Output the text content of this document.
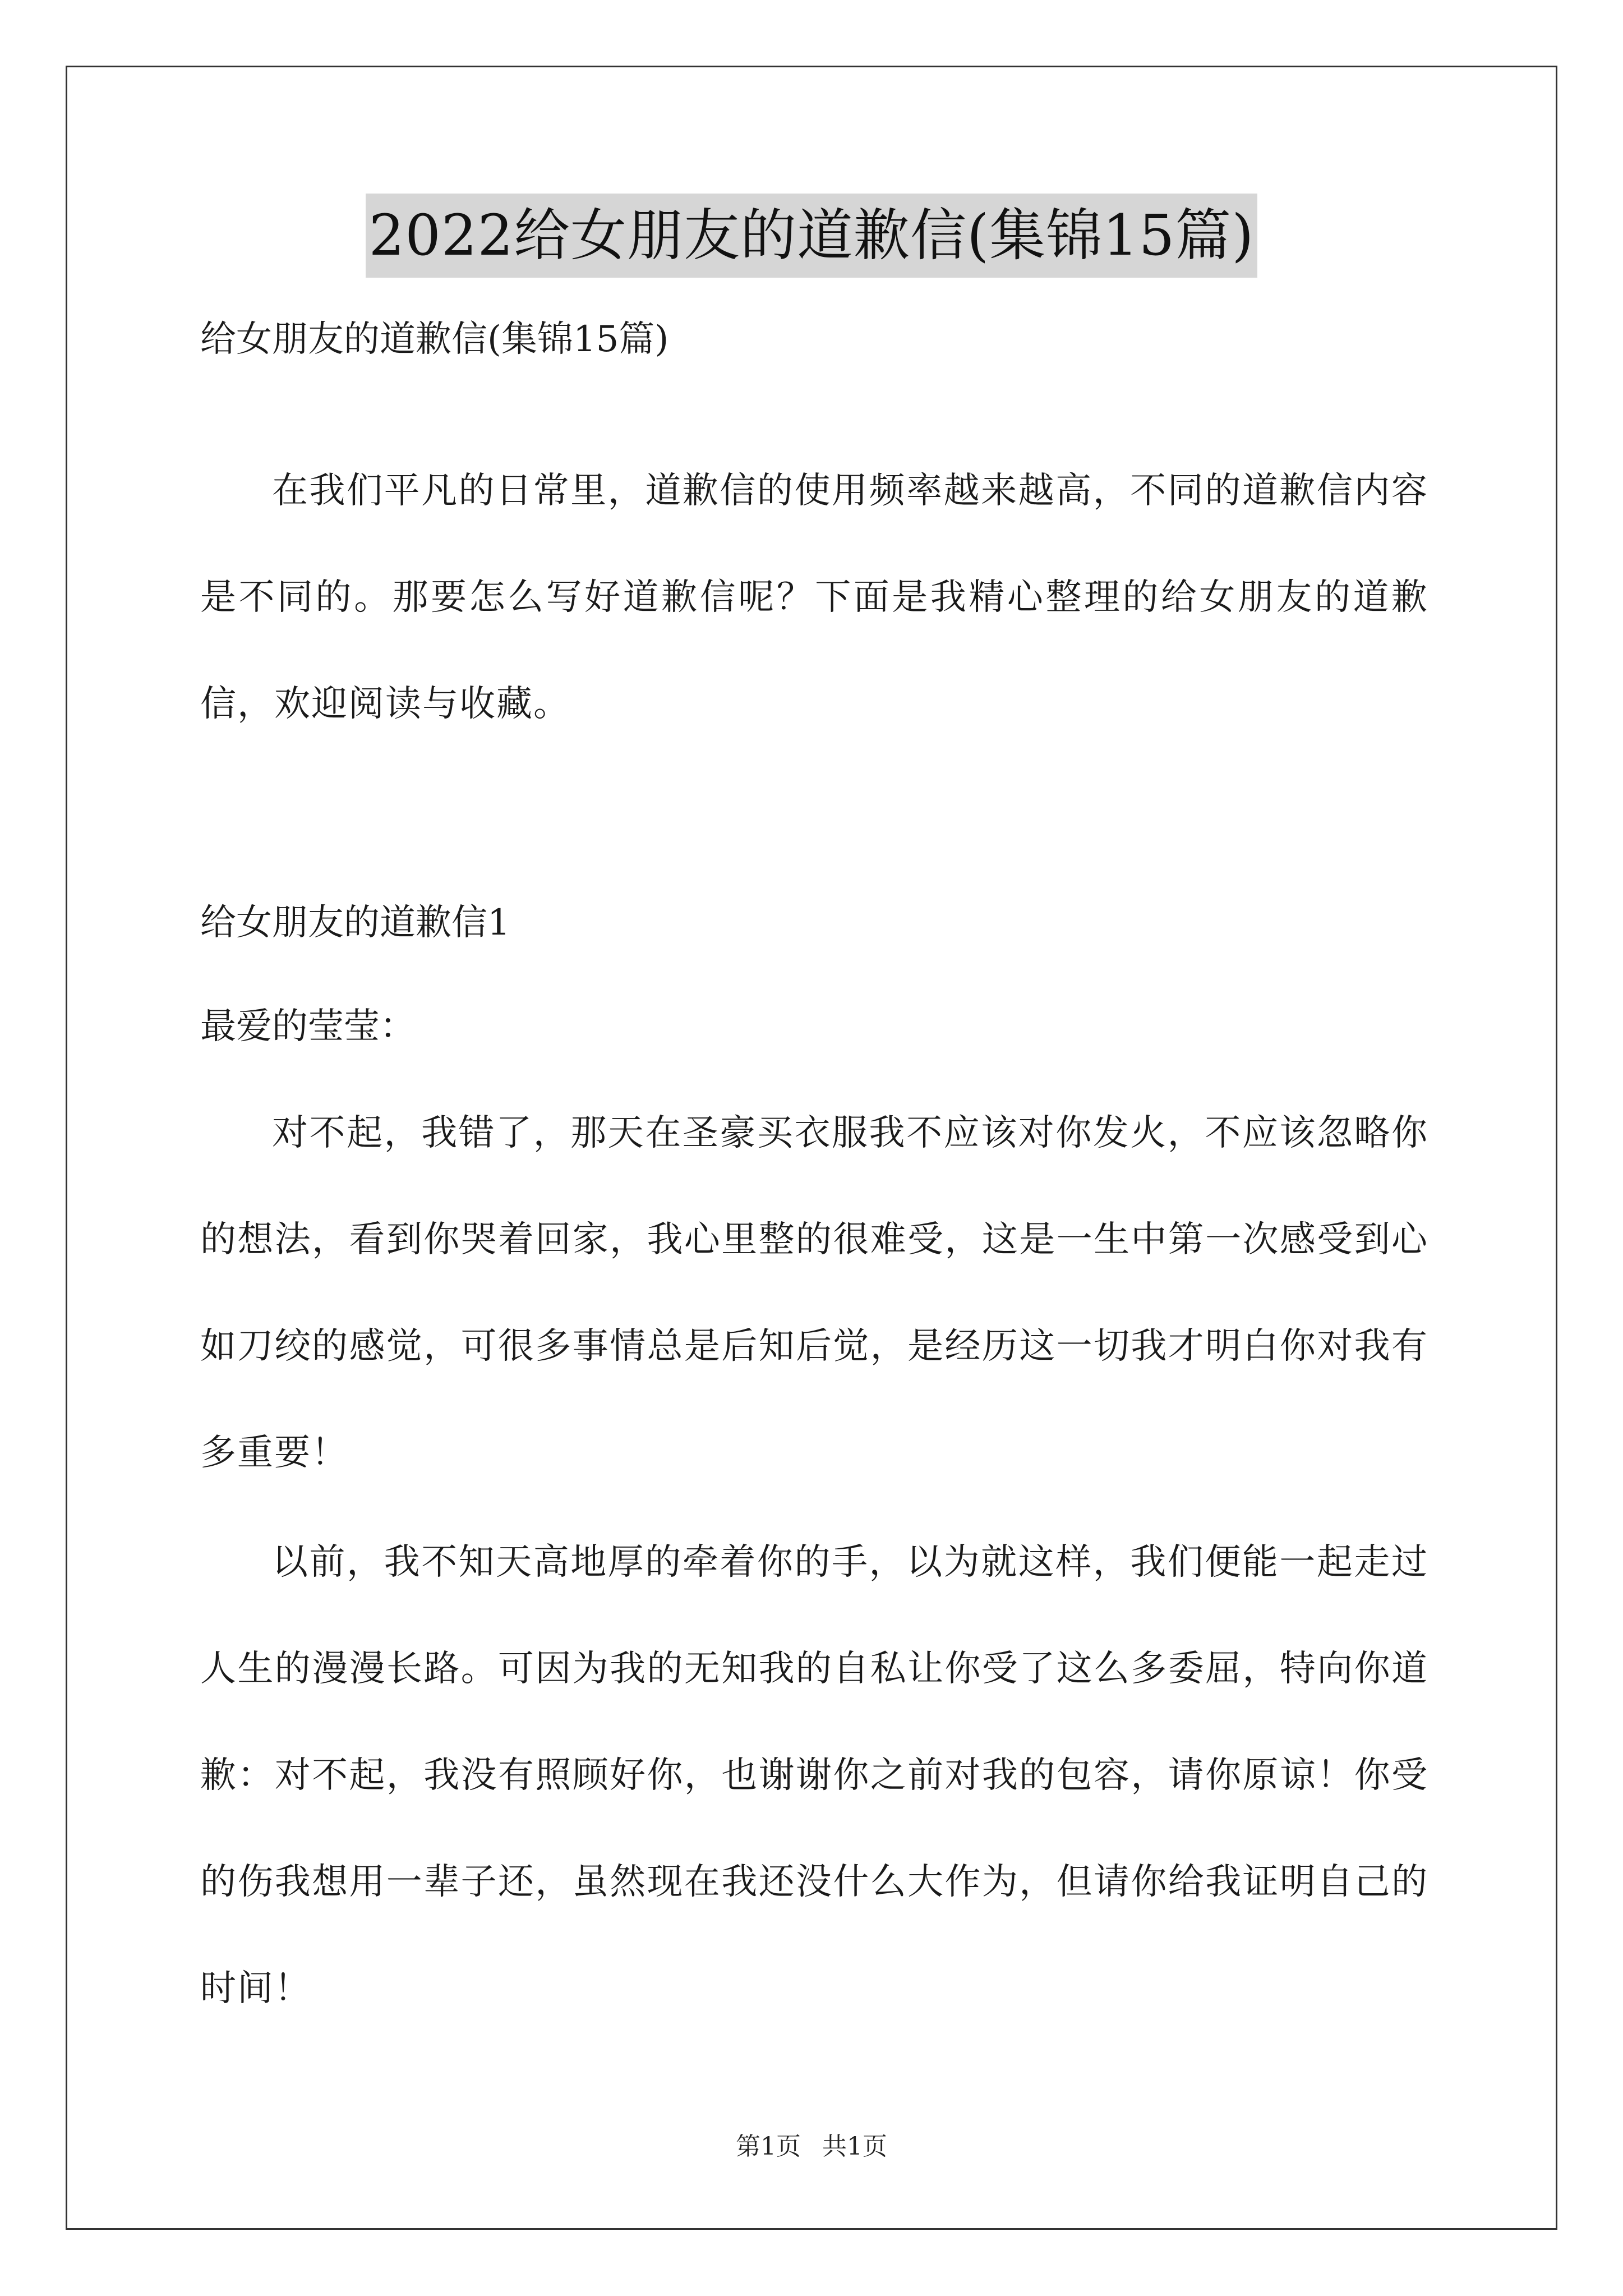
2022给女朋友的道歉信(集锦15篇)

给女朋友的道歉信(集锦15篇)

在我们平凡的日常里，道歉信的使用频率越来越高，不同的道歉信内容是不同的。那要怎么写好道歉信呢？下面是我精心整理的给女朋友的道歉信，欢迎阅读与收藏。

给女朋友的道歉信1

最爱的莹莹：

对不起，我错了，那天在圣豪买衣服我不应该对你发火，不应该忽略你的想法，看到你哭着回家，我心里整的很难受，这是一生中第一次感受到心如刀绞的感觉，可很多事情总是后知后觉，是经历这一切我才明白你对我有多重要！

以前，我不知天高地厚的牵着你的手，以为就这样，我们便能一起走过人生的漫漫长路。可因为我的无知我的自私让你受了这么多委屈，特向你道歉：对不起，我没有照顾好你，也谢谢你之前对我的包容，请你原谅！你受的伤我想用一辈子还，虽然现在我还没什么大作为，但请你给我证明自己的时间！

第1页 共1页
